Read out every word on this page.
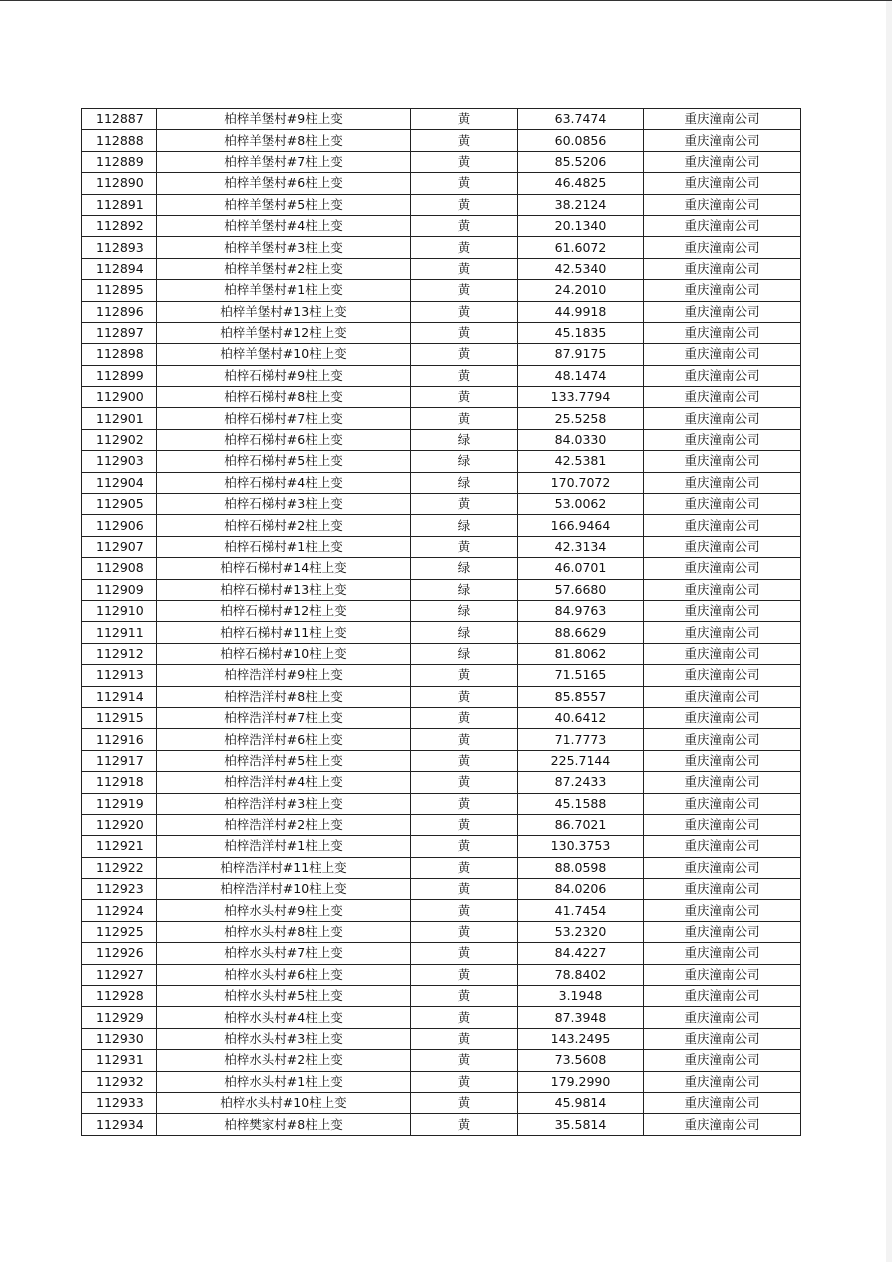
112887	柏梓羊堡村#9柱上变	黄	63.7474	重庆潼南公司
112888	柏梓羊堡村#8柱上变	黄	60.0856	重庆潼南公司
112889	柏梓羊堡村#7柱上变	黄	85.5206	重庆潼南公司
112890	柏梓羊堡村#6柱上变	黄	46.4825	重庆潼南公司
112891	柏梓羊堡村#5柱上变	黄	38.2124	重庆潼南公司
112892	柏梓羊堡村#4柱上变	黄	20.1340	重庆潼南公司
112893	柏梓羊堡村#3柱上变	黄	61.6072	重庆潼南公司
112894	柏梓羊堡村#2柱上变	黄	42.5340	重庆潼南公司
112895	柏梓羊堡村#1柱上变	黄	24.2010	重庆潼南公司
112896	柏梓羊堡村#13柱上变	黄	44.9918	重庆潼南公司
112897	柏梓羊堡村#12柱上变	黄	45.1835	重庆潼南公司
112898	柏梓羊堡村#10柱上变	黄	87.9175	重庆潼南公司
112899	柏梓石梯村#9柱上变	黄	48.1474	重庆潼南公司
112900	柏梓石梯村#8柱上变	黄	133.7794	重庆潼南公司
112901	柏梓石梯村#7柱上变	黄	25.5258	重庆潼南公司
112902	柏梓石梯村#6柱上变	绿	84.0330	重庆潼南公司
112903	柏梓石梯村#5柱上变	绿	42.5381	重庆潼南公司
112904	柏梓石梯村#4柱上变	绿	170.7072	重庆潼南公司
112905	柏梓石梯村#3柱上变	黄	53.0062	重庆潼南公司
112906	柏梓石梯村#2柱上变	绿	166.9464	重庆潼南公司
112907	柏梓石梯村#1柱上变	黄	42.3134	重庆潼南公司
112908	柏梓石梯村#14柱上变	绿	46.0701	重庆潼南公司
112909	柏梓石梯村#13柱上变	绿	57.6680	重庆潼南公司
112910	柏梓石梯村#12柱上变	绿	84.9763	重庆潼南公司
112911	柏梓石梯村#11柱上变	绿	88.6629	重庆潼南公司
112912	柏梓石梯村#10柱上变	绿	81.8062	重庆潼南公司
112913	柏梓浩洋村#9柱上变	黄	71.5165	重庆潼南公司
112914	柏梓浩洋村#8柱上变	黄	85.8557	重庆潼南公司
112915	柏梓浩洋村#7柱上变	黄	40.6412	重庆潼南公司
112916	柏梓浩洋村#6柱上变	黄	71.7773	重庆潼南公司
112917	柏梓浩洋村#5柱上变	黄	225.7144	重庆潼南公司
112918	柏梓浩洋村#4柱上变	黄	87.2433	重庆潼南公司
112919	柏梓浩洋村#3柱上变	黄	45.1588	重庆潼南公司
112920	柏梓浩洋村#2柱上变	黄	86.7021	重庆潼南公司
112921	柏梓浩洋村#1柱上变	黄	130.3753	重庆潼南公司
112922	柏梓浩洋村#11柱上变	黄	88.0598	重庆潼南公司
112923	柏梓浩洋村#10柱上变	黄	84.0206	重庆潼南公司
112924	柏梓水头村#9柱上变	黄	41.7454	重庆潼南公司
112925	柏梓水头村#8柱上变	黄	53.2320	重庆潼南公司
112926	柏梓水头村#7柱上变	黄	84.4227	重庆潼南公司
112927	柏梓水头村#6柱上变	黄	78.8402	重庆潼南公司
112928	柏梓水头村#5柱上变	黄	3.1948	重庆潼南公司
112929	柏梓水头村#4柱上变	黄	87.3948	重庆潼南公司
112930	柏梓水头村#3柱上变	黄	143.2495	重庆潼南公司
112931	柏梓水头村#2柱上变	黄	73.5608	重庆潼南公司
112932	柏梓水头村#1柱上变	黄	179.2990	重庆潼南公司
112933	柏梓水头村#10柱上变	黄	45.9814	重庆潼南公司
112934	柏梓樊家村#8柱上变	黄	35.5814	重庆潼南公司
